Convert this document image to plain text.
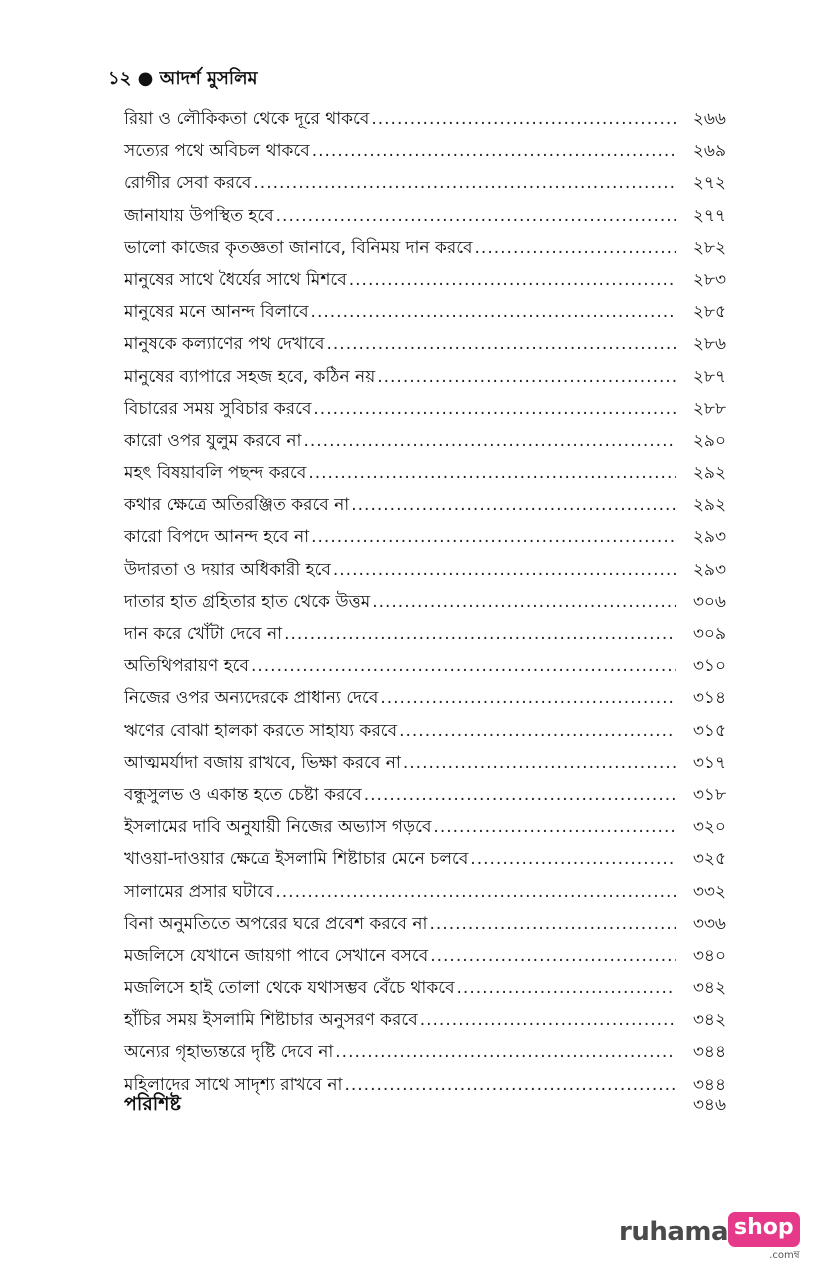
১২ ● আদর্শ মুসলিম
রিয়া ও লৌকিকতা থেকে দূরে থাকবে .....	২৬৬
সত্যের পথে অবিচল থাকবে .....	২৬৯
রোগীর সেবা করবে .....	২৭২
জানাযায় উপস্থিত হবে .....	২৭৭
ভালো কাজের কৃতজ্ঞতা জানাবে, বিনিময় দান করবে .....	২৮২
মানুষের সাথে ধৈর্যের সাথে মিশবে .....	২৮৩
মানুষের মনে আনন্দ বিলাবে .....	২৮৫
মানুষকে কল্যাণের পথ দেখাবে .....	২৮৬
মানুষের ব্যাপারে সহজ হবে, কঠিন নয় .....	২৮৭
বিচারের সময় সুবিচার করবে .....	২৮৮
কারো ওপর যুলুম করবে না .....	২৯০
মহৎ বিষয়াবলি পছন্দ করবে .....	২৯২
কথার ক্ষেত্রে অতিরঞ্জিত করবে না .....	২৯২
কারো বিপদে আনন্দ হবে না .....	২৯৩
উদারতা ও দয়ার অধিকারী হবে .....	২৯৩
দাতার হাত গ্রহিতার হাত থেকে উত্তম .....	৩০৬
দান করে খোঁটা দেবে না .....	৩০৯
অতিথিপরায়ণ হবে .....	৩১০
নিজের ওপর অন্যদেরকে প্রাধান্য দেবে .....	৩১৪
ঋণের বোঝা হালকা করতে সাহায্য করবে .....	৩১৫
আত্মমর্যাদা বজায় রাখবে, ভিক্ষা করবে না .....	৩১৭
বন্ধুসুলভ ও একান্ত হতে চেষ্টা করবে .....	৩১৮
ইসলামের দাবি অনুযায়ী নিজের অভ্যাস গড়বে .....	৩২০
খাওয়া-দাওয়ার ক্ষেত্রে ইসলামি শিষ্টাচার মেনে চলবে .....	৩২৫
সালামের প্রসার ঘটাবে .....	৩৩২
বিনা অনুমতিতে অপরের ঘরে প্রবেশ করবে না .....	৩৩৬
মজলিসে যেখানে জায়গা পাবে সেখানে বসবে .....	৩৪০
মজলিসে হাই তোলা থেকে যথাসম্ভব বেঁচে থাকবে .....	৩৪২
হাঁচির সময় ইসলামি শিষ্টাচার অনুসরণ করবে .....	৩৪২
অন্যের গৃহাভ্যন্তরে দৃষ্টি দেবে না .....	৩৪৪
মহিলাদের সাথে সাদৃশ্য রাখবে না .....	৩৪৪
পরিশিষ্ট	৩৪৬
ruhama shop
.comম্ব
